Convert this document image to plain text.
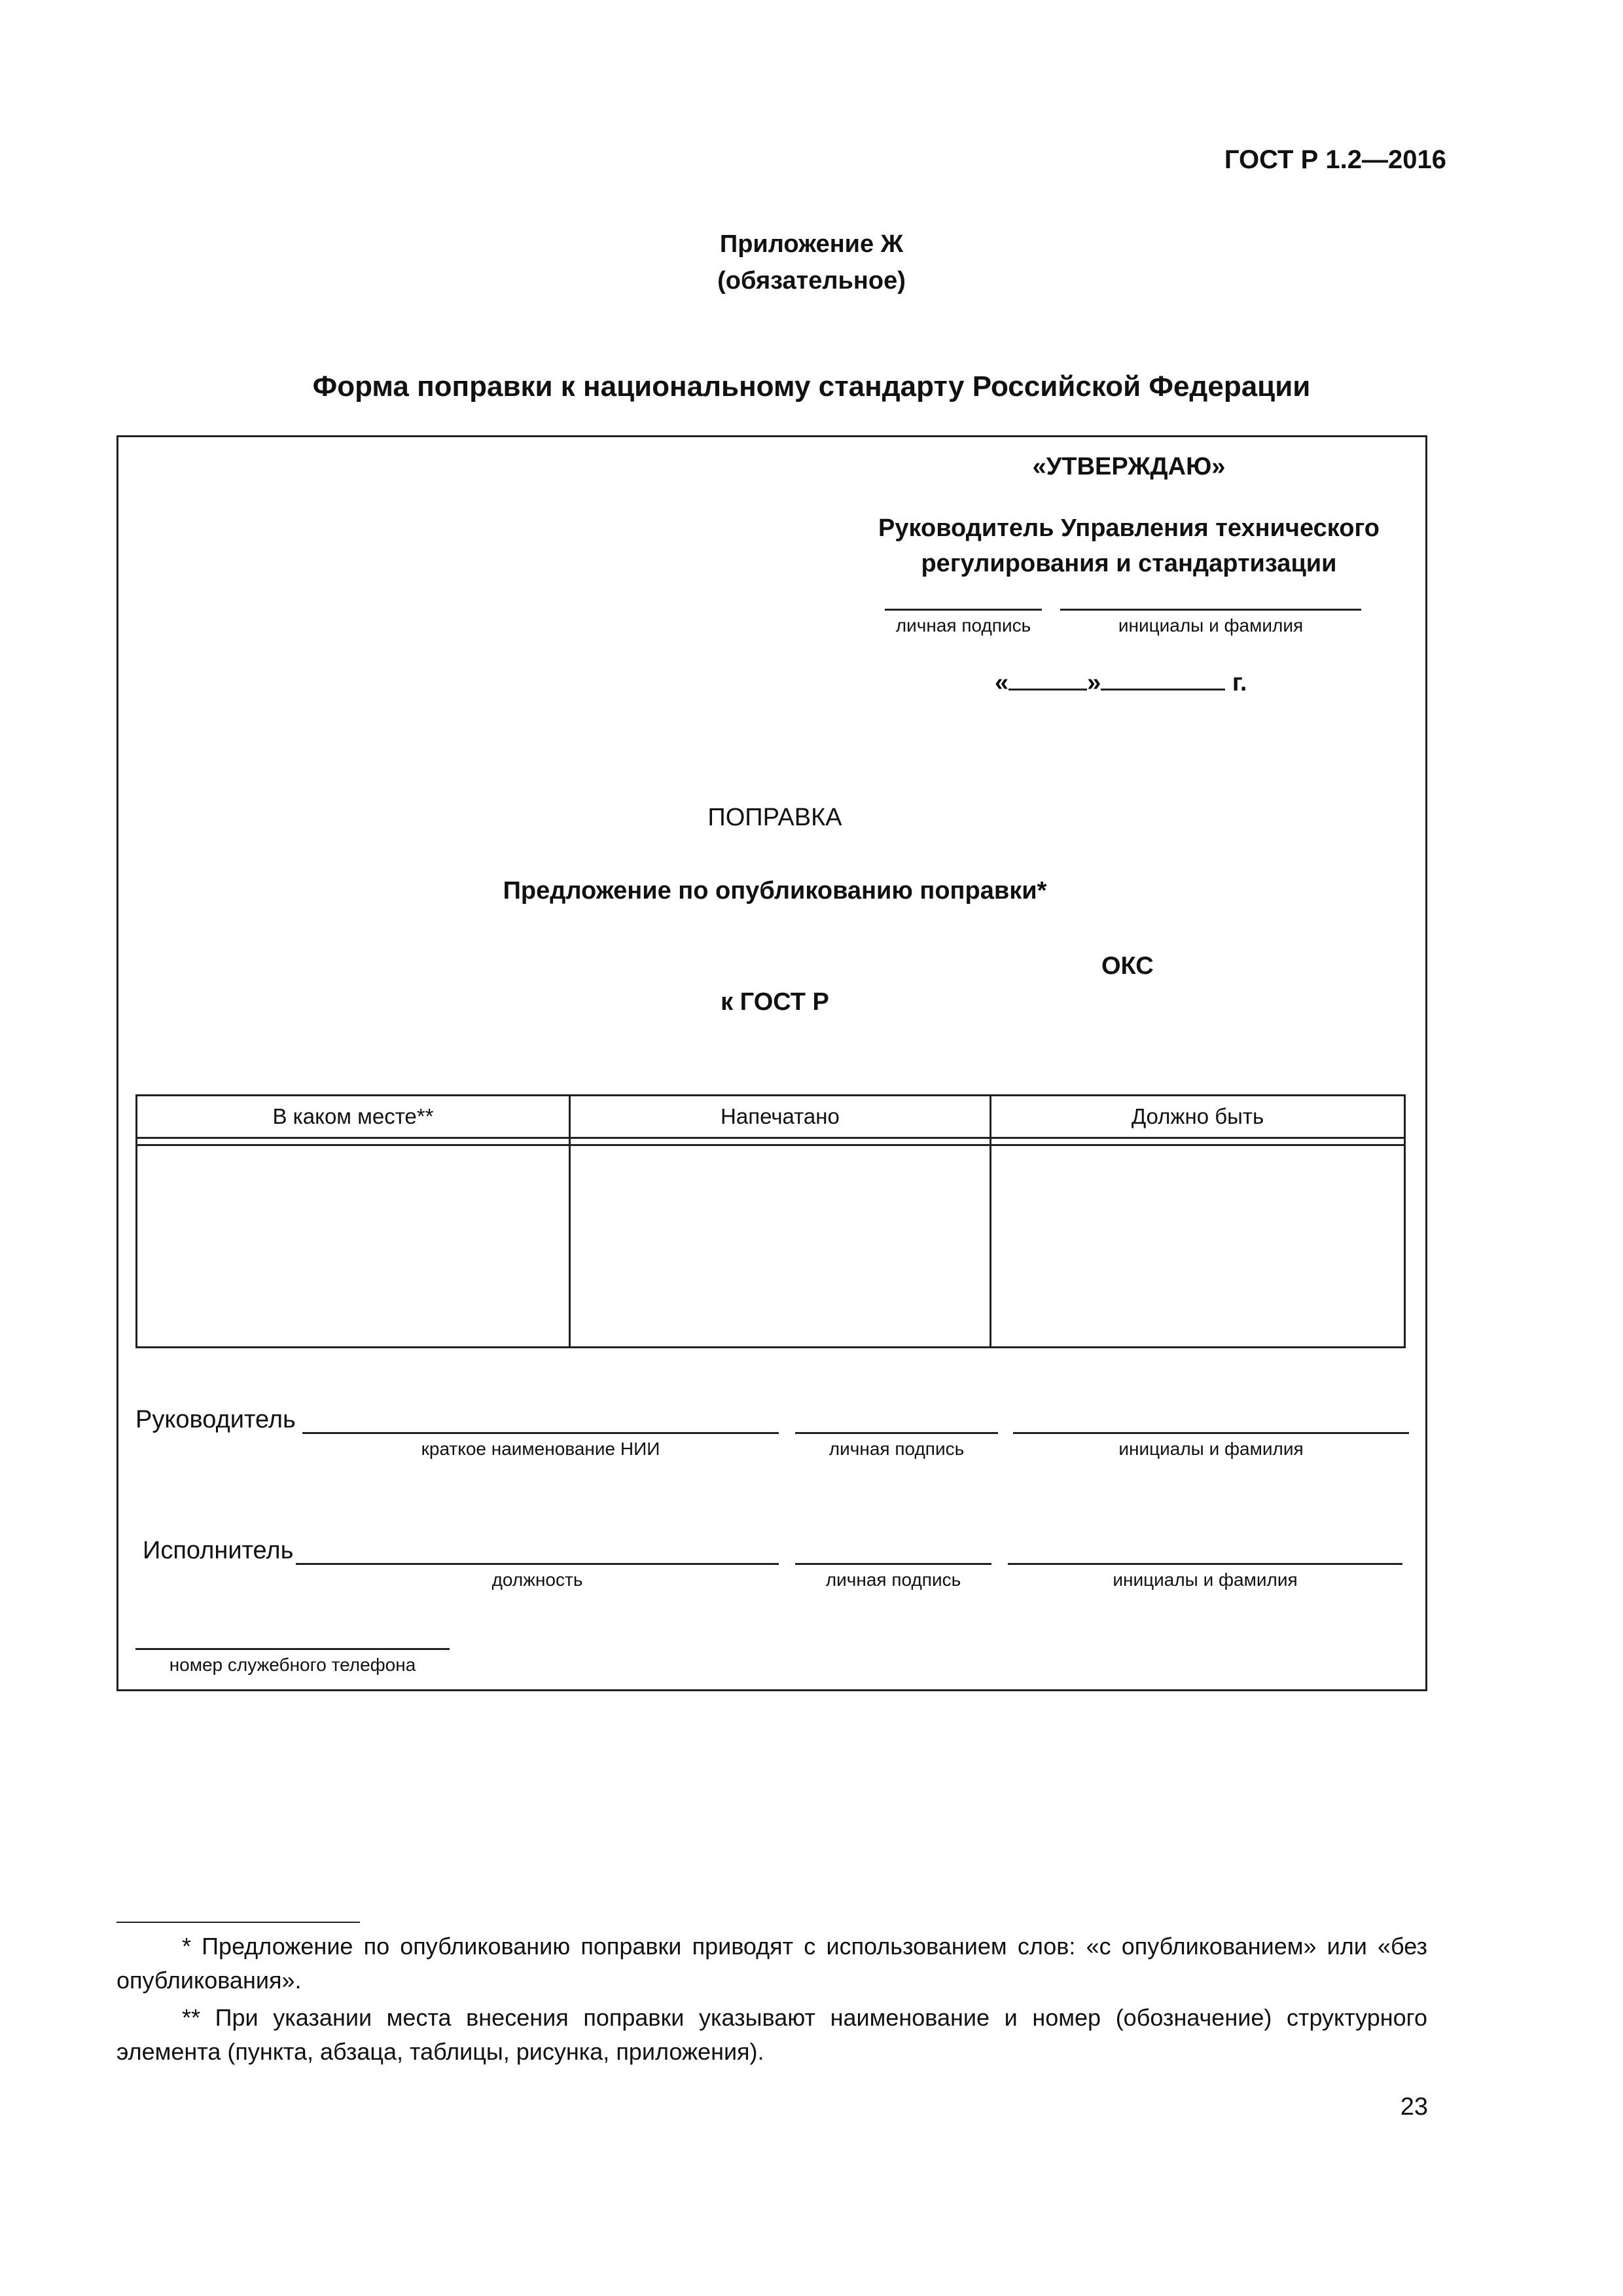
ГОСТ Р 1.2—2016
Приложение Ж
(обязательное)
Форма поправки к национальному стандарту Российской Федерации
«УТВЕРЖДАЮ»
Руководитель Управления технического
регулирования и стандартизации
личная подпись	инициалы и фамилия
«	»	г.
ПОПРАВКА
Предложение по опубликованию поправки*
ОКС
к ГОСТ Р
В каком месте**	Напечатано	Должно быть

Руководитель
краткое наименование НИИ	личная подпись	инициалы и фамилия
Исполнитель
должность	личная подпись	инициалы и фамилия
номер служебного телефона
* Предложение по опубликованию поправки приводят с использованием слов: «с опубликованием» или «без опубликования».
** При указании места внесения поправки указывают наименование и номер (обозначение) структурного элемента (пункта, абзаца, таблицы, рисунка, приложения).
23
